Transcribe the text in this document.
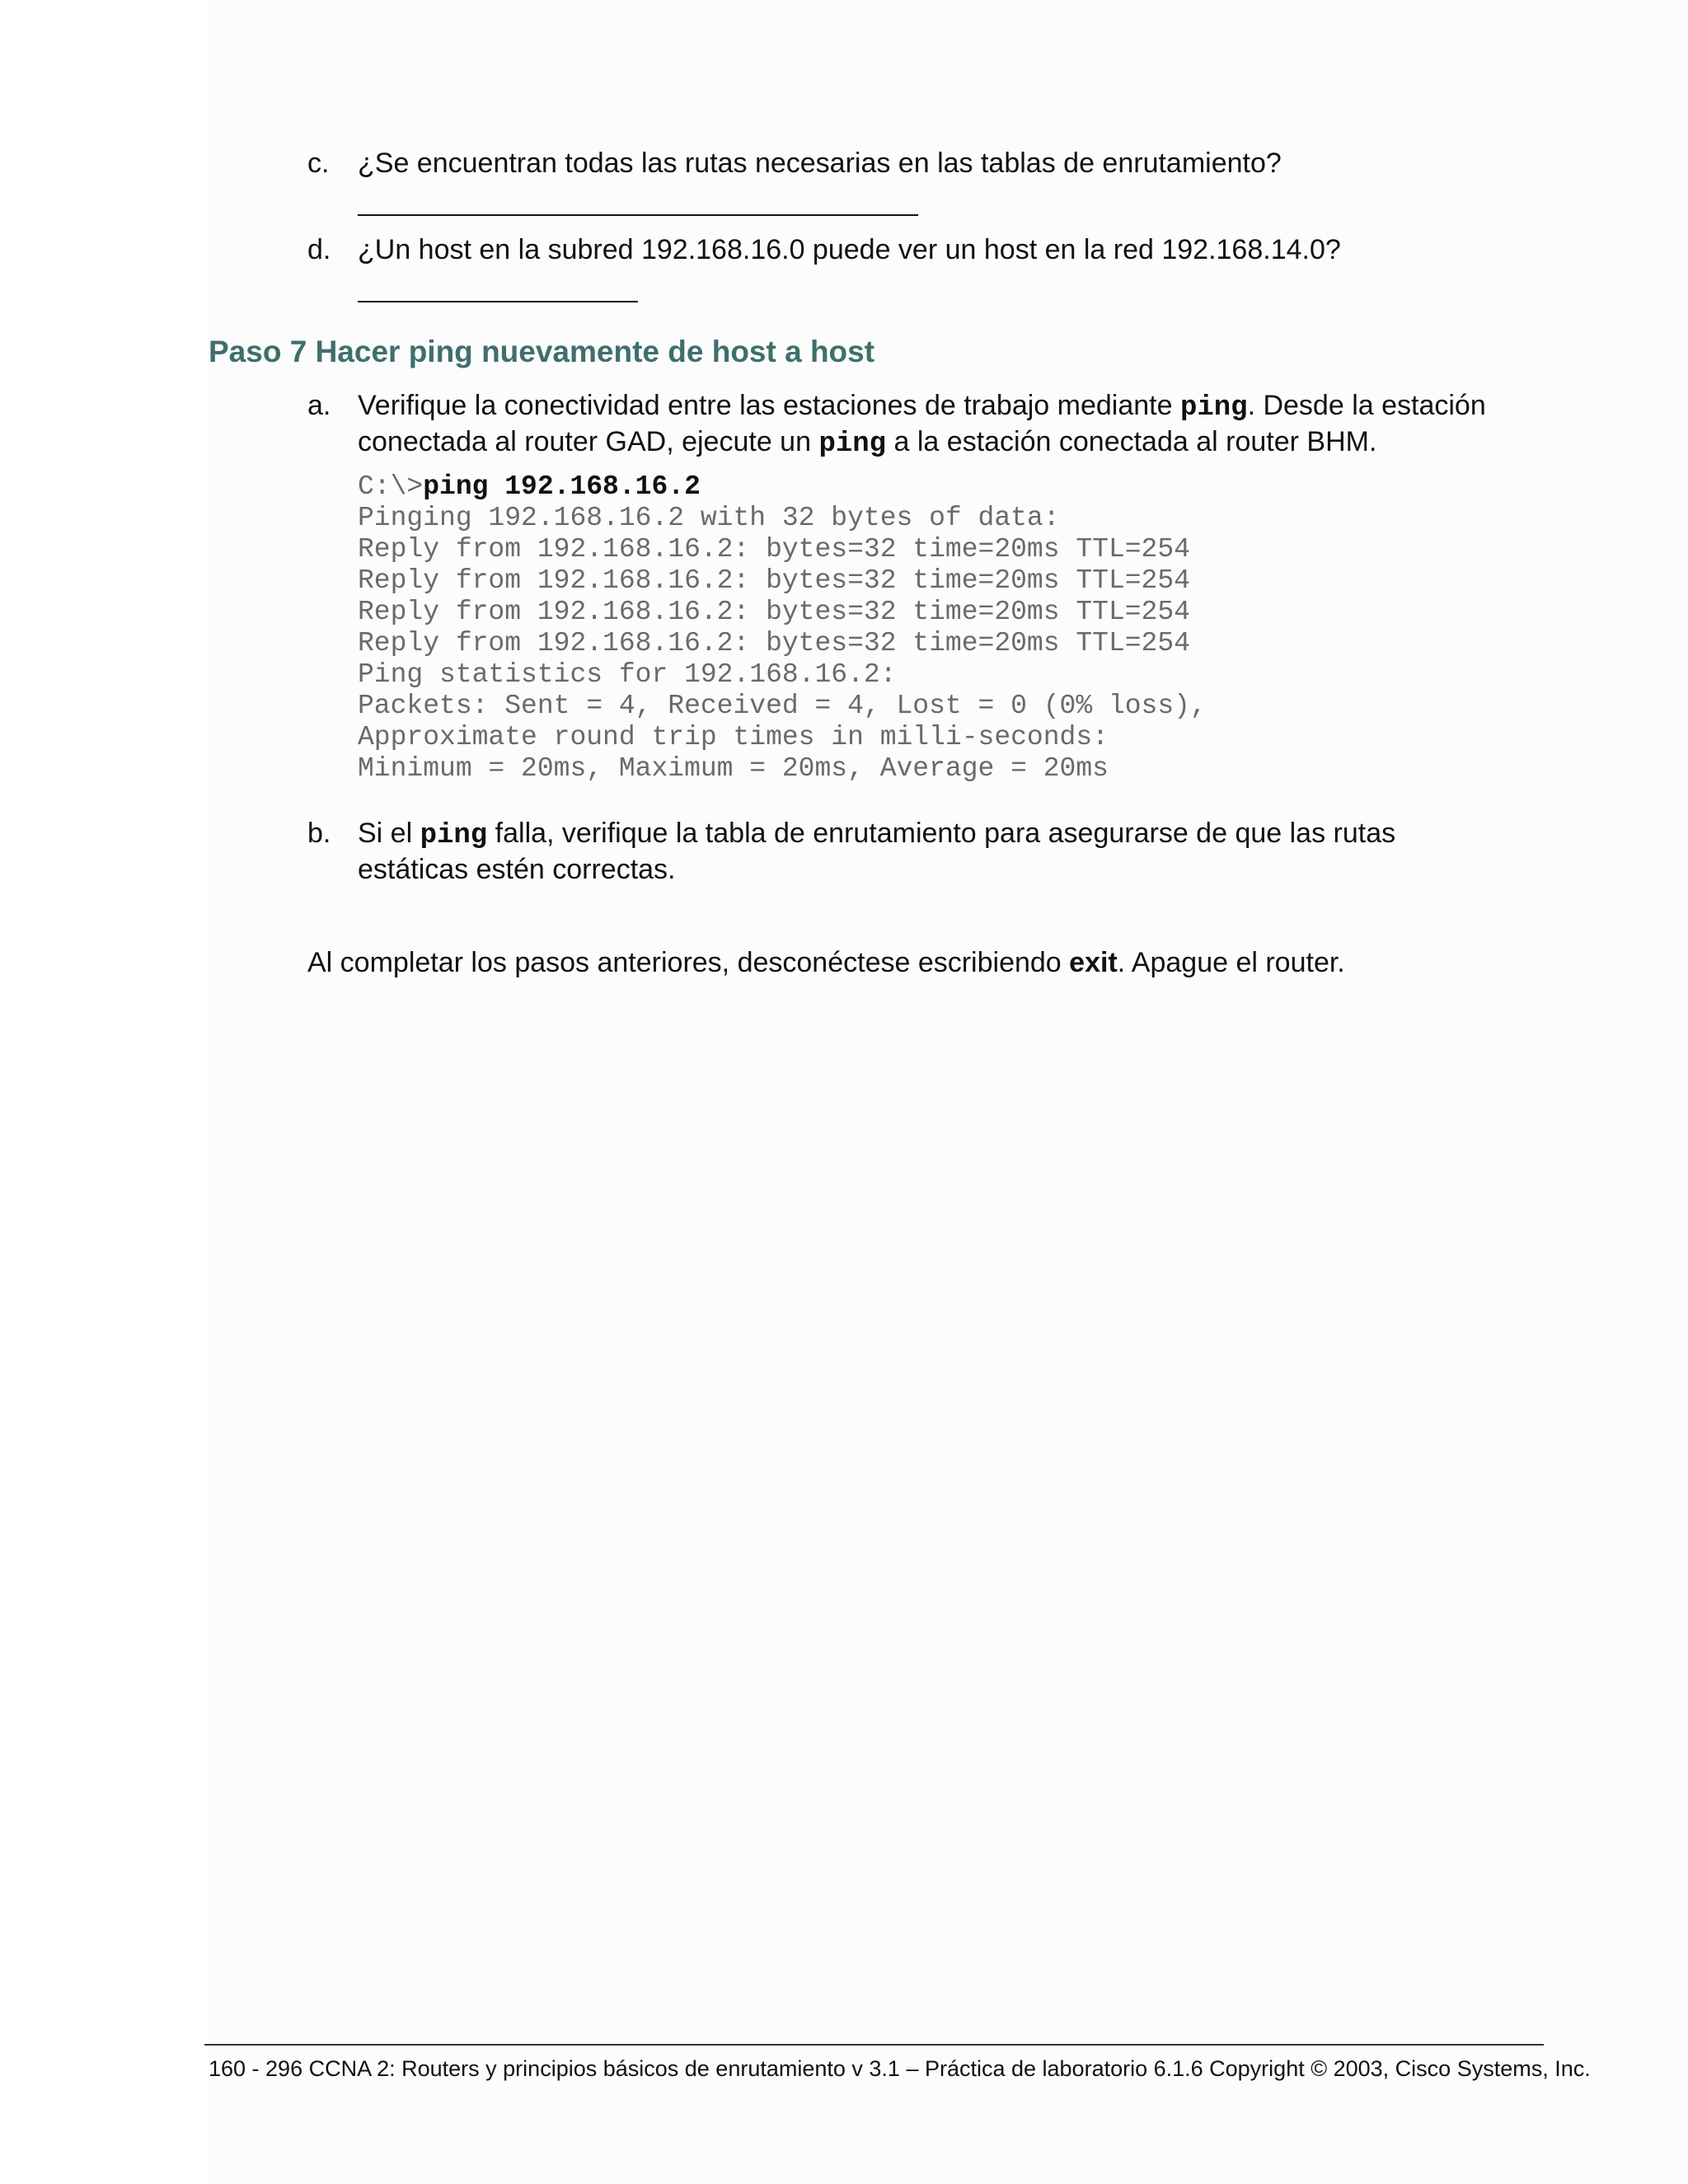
c. ¿Se encuentran todas las rutas necesarias en las tablas de enrutamiento?
d. ¿Un host en la subred 192.168.16.0 puede ver un host en la red 192.168.14.0?
Paso 7 Hacer ping nuevamente de host a host
a. Verifique la conectividad entre las estaciones de trabajo mediante ping. Desde la estación conectada al router GAD, ejecute un ping a la estación conectada al router BHM.
C:\>ping 192.168.16.2
Pinging 192.168.16.2 with 32 bytes of data:
Reply from 192.168.16.2: bytes=32 time=20ms TTL=254
Reply from 192.168.16.2: bytes=32 time=20ms TTL=254
Reply from 192.168.16.2: bytes=32 time=20ms TTL=254
Reply from 192.168.16.2: bytes=32 time=20ms TTL=254
Ping statistics for 192.168.16.2:
Packets: Sent = 4, Received = 4, Lost = 0 (0% loss),
Approximate round trip times in milli-seconds:
Minimum = 20ms, Maximum = 20ms, Average = 20ms
b. Si el ping falla, verifique la tabla de enrutamiento para asegurarse de que las rutas estáticas estén correctas.
Al completar los pasos anteriores, desconéctese escribiendo exit. Apague el router.
160 - 296 CCNA 2: Routers y principios básicos de enrutamiento v 3.1 – Práctica de laboratorio 6.1.6 Copyright © 2003, Cisco Systems, Inc.
